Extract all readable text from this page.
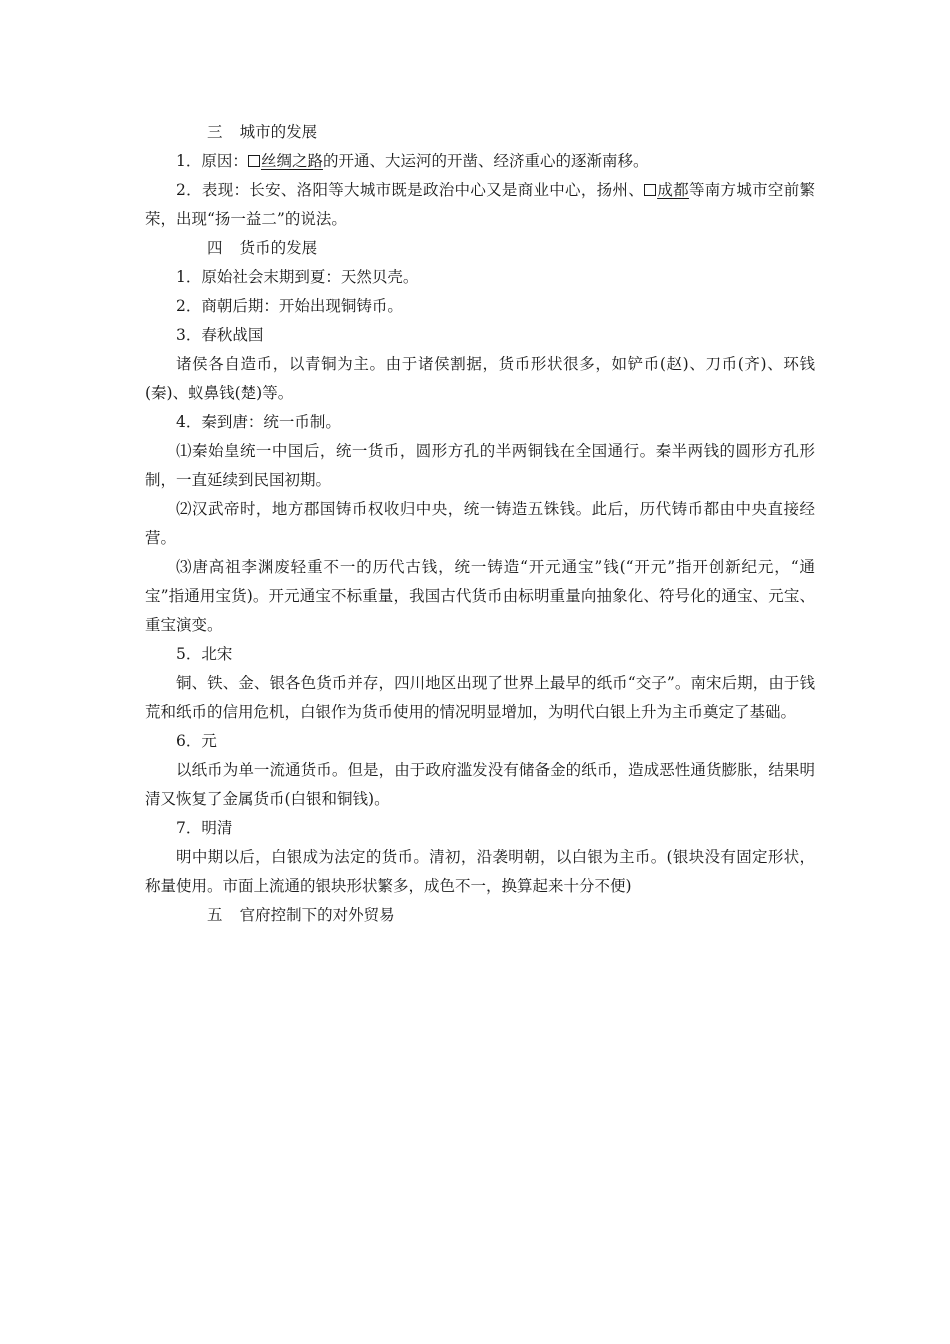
三 城市的发展

1．原因： 丝绸之路的开通、大运河的开凿、经济重心的逐渐南移。

2．表现：长安、洛阳等大城市既是政治中心又是商业中心，扬州、 成都等南方城市空前繁荣，出现“扬一益二”的说法。

四 货币的发展

1．原始社会末期到夏：天然贝壳。

2．商朝后期：开始出现铜铸币。

3．春秋战国

诸侯各自造币，以青铜为主。由于诸侯割据，货币形状很多，如铲币(赵)、刀币(齐)、环钱(秦)、蚁鼻钱(楚)等。

4．秦到唐：统一币制。

⑴秦始皇统一中国后，统一货币，圆形方孔的半两铜钱在全国通行。秦半两钱的圆形方孔形制，一直延续到民国初期。

⑵汉武帝时，地方郡国铸币权收归中央，统一铸造五铢钱。此后，历代铸币都由中央直接经营。

⑶唐高祖李渊废轻重不一的历代古钱，统一铸造“开元通宝”钱(“开元”指开创新纪元，“通宝”指通用宝货)。开元通宝不标重量，我国古代货币由标明重量向抽象化、符号化的通宝、元宝、重宝演变。

5．北宋

铜、铁、金、银各色货币并存，四川地区出现了世界上最早的纸币“交子”。南宋后期，由于钱荒和纸币的信用危机，白银作为货币使用的情况明显增加，为明代白银上升为主币奠定了基础。

6．元

以纸币为单一流通货币。但是，由于政府滥发没有储备金的纸币，造成恶性通货膨胀，结果明清又恢复了金属货币(白银和铜钱)。

7．明清

明中期以后，白银成为法定的货币。清初，沿袭明朝，以白银为主币。(银块没有固定形状，称量使用。市面上流通的银块形状繁多，成色不一，换算起来十分不便)

五 官府控制下的对外贸易
